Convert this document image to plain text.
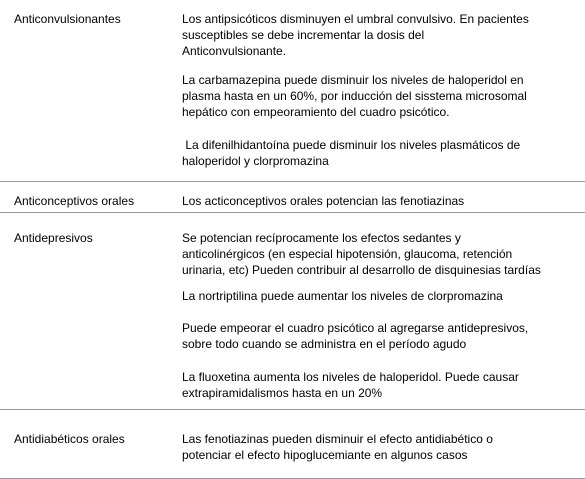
Anticonvulsionantes	Los antipsicóticos disminuyen el umbral convulsivo. En pacientes
susceptibles se debe incrementar la dosis del
Anticonvulsionante.
La carbamazepina puede disminuir los niveles de haloperidol en
plasma hasta en un 60%, por inducción del sisstema microsomal
hepático con empeoramiento del cuadro psicótico.
La difenilhidantoína puede disminuir los niveles plasmáticos de
haloperidol y clorpromazina
Anticonceptivos orales	Los acticonceptivos orales potencian las fenotiazinas
Antidepresivos	Se potencian recíprocamente los efectos sedantes y
anticolinérgicos (en especial hipotensión, glaucoma, retención
urinaria, etc) Pueden contribuir al desarrollo de disquinesias tardías
La nortriptilina puede aumentar los niveles de clorpromazina
Puede empeorar el cuadro psicótico al agregarse antidepresivos,
sobre todo cuando se administra en el período agudo
La fluoxetina aumenta los niveles de haloperidol. Puede causar
extrapiramidalismos hasta en un 20%
Antidiabéticos orales	Las fenotiazinas pueden disminuir el efecto antidiabético o
potenciar el efecto hipoglucemiante en algunos casos
